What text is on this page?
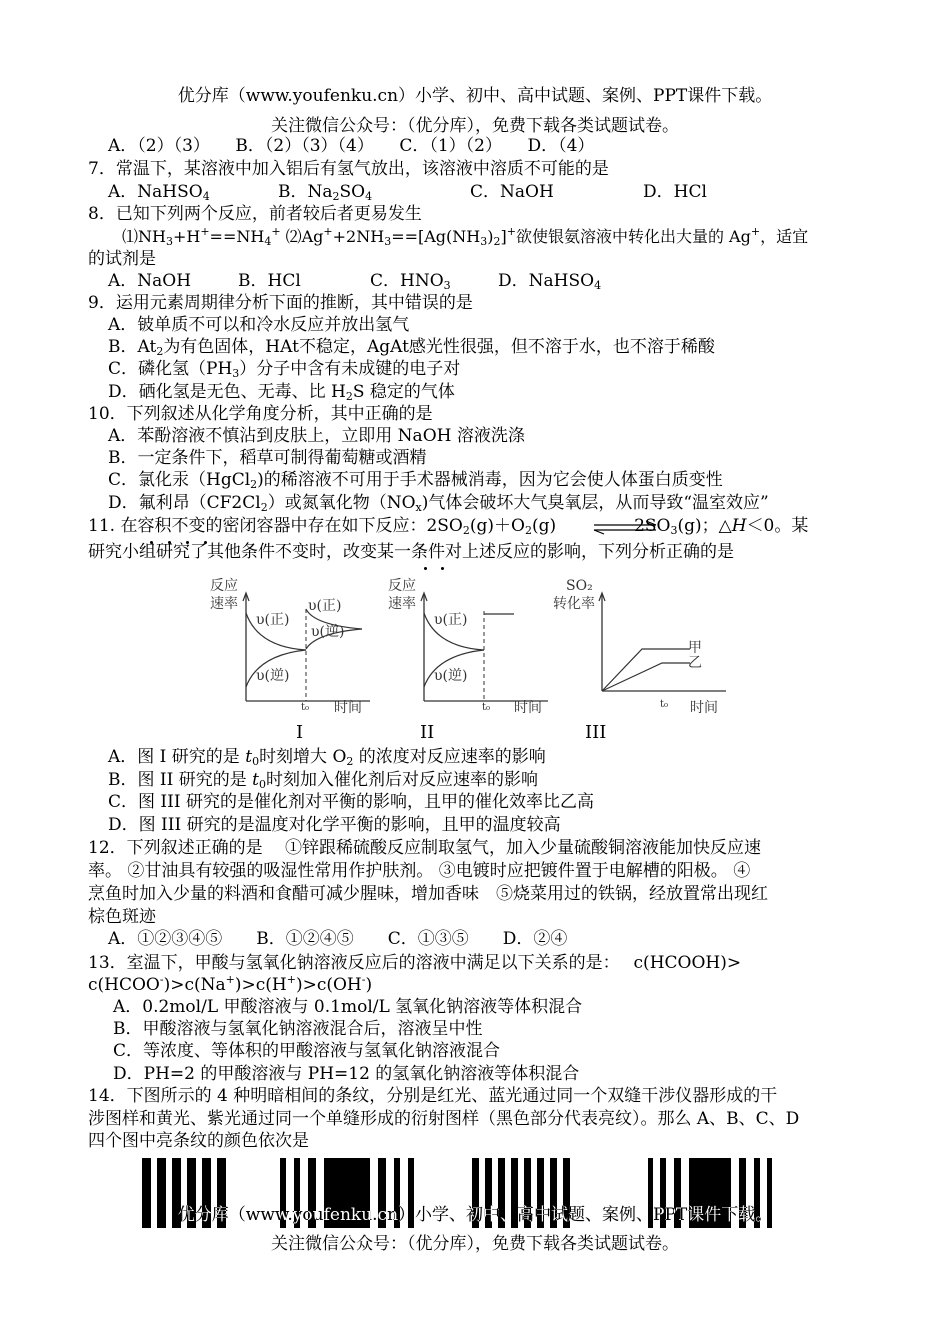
优分库（www.youfenku.cn）小学、初中、高中试题、案例、PPT课件下载。
关注微信公众号：（优分库），免费下载各类试题试卷。
A．（2）（3）　　B．（2）（3）（4）　　C．（1）（2）　　D．（4）
7．常温下，某溶液中加入铝后有氢气放出，该溶液中溶质不可能的是
A．NaHSO$_4$	B．$Na_2SO_4$	C．NaOH	D．HCl
8．已知下列两个反应，前者较后者更易发生
$⑴NH_3+H^+==NH_4^+$ $⑵Ag^++2NH_3==[Ag(NH_3)_2]^+$欲使银氨溶液中转化出大量的 Ag+，适宜
的试剂是
A．NaOH	B．HCl	C．$HNO_3$	D．NaHSO$_4$
9．运用元素周期律分析下面的推断，其中错误的是
A．铍单质不可以和冷水反应并放出氢气
B．$At_2$为有色固体，HAt不稳定，AgAt感光性很强，但不溶于水，也不溶于稀酸
C．磷化氢$(PH_3)$分子中含有未成键的电子对
D．硒化氢是无色、无毒、比 $H_2S$ 稳定的气体
10．下列叙述从化学角度分析，其中正确的是
A．苯酚溶液不慎沾到皮肤上，立即用 NaOH 溶液洗涤
B．一定条件下，稻草可制得葡萄糖或酒精
C．氯化汞（HgCl$_2$)的稀溶液不可用于手术器械消毒，因为它会使人体蛋白质变性
D．氟利昂$(CF2Cl_2)$或氮氧化物$(NO_x)$气体会破坏大气臭氧层，从而导致“温室效应”
11. 在容积不变的密闭容器中存在如下反应：$2SO_2(g)+O_2(g)$	$2SO_3(g)$；△H＜0。某
研究小组研究了其他条件不变时，改变某一条件对上述反应的影响，下列分析正确的是
反应
速率
υ(正)
υ(逆)
υ(正)
υ(逆)
t₀ 时间
I
反应
速率
υ(正)
υ(逆)
t₀ 时间
II
SO₂
转化率
甲
乙
t₀ 时间
III
A．图 I 研究的是 $t_0$时刻增大 $O_2$ 的浓度对反应速率的影响
B．图 II 研究的是 $t_0$时刻加入催化剂后对反应速率的影响
C．图 III 研究的是催化剂对平衡的影响，且甲的催化效率比乙高
D．图 III 研究的是温度对化学平衡的影响，且甲的温度较高
12．下列叙述正确的是　 ①锌跟稀硫酸反应制取氢气，加入少量硫酸铜溶液能加快反应速
率。 ②甘油具有较强的吸湿性常用作护肤剂。 ③电镀时应把镀件置于电解槽的阳极。 ④
烹鱼时加入少量的料酒和食醋可减少腥味，增加香味　⑤烧菜用过的铁锅，经放置常出现红
棕色斑迹
A．①②③④⑤　　B．①②④⑤　　C．①③⑤　　D．②④
13．室温下，甲酸与氢氧化钠溶液反应后的溶液中满足以下关系的是：　 c(HCOOH)>
c(HCOO-)>c(Na+)>c(H+)>c(OH-)
A．0.2mol/L 甲酸溶液与 0.1mol/L 氢氧化钠溶液等体积混合
B．甲酸溶液与氢氧化钠溶液混合后，溶液呈中性
C．等浓度、等体积的甲酸溶液与氢氧化钠溶液混合
D．PH=2 的甲酸溶液与 PH=12 的氢氧化钠溶液等体积混合
14．下图所示的 4 种明暗相间的条纹，分别是红光、蓝光通过同一个双缝干涉仪器形成的干
涉图样和黄光、紫光通过同一个单缝形成的衍射图样（黑色部分代表亮纹）。那么 A、B、C、D
四个图中亮条纹的颜色依次是
优分库（www.youfenku.cn）小学、初中、高中试题、案例、PPT课件下载。
关注微信公众号：（优分库），免费下载各类试题试卷。
